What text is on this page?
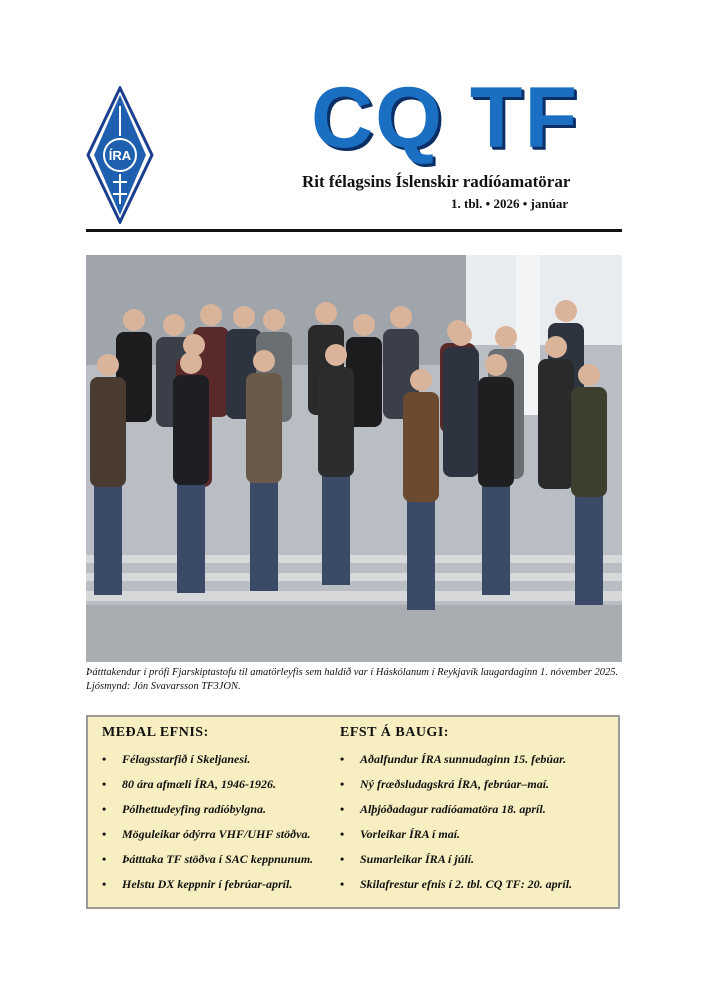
ÍRA CQ TF
Rit félagsins Íslenskir radíóamatörar
1. tbl. • 2026 • janúar
Þátttakendur í prófi Fjarskiptastofu til amatörleyfis sem haldið var í Háskólanum í Reykjavík laugardaginn 1. nóvember 2025.
Ljósmynd: Jón Svavarsson TF3JON.
MEÐAL EFNIS:
• Félagsstarfið í Skeljanesi.
• 80 ára afmæli ÍRA, 1946-1926.
• Pólhettudeyfing radíóbylgna.
• Möguleikar ódýrra VHF/UHF stöðva.
• Þátttaka TF stöðva í SAC keppnunum.
• Helstu DX keppnir í febrúar-apríl.
EFST Á BAUGI:
• Aðalfundur ÍRA sunnudaginn 15. febúar.
• Ný fræðsludagskrá ÍRA, febrúar–maí.
• Alþjóðadagur radíóamatöra 18. apríl.
• Vorleikar ÍRA í maí.
• Sumarleikar ÍRA í júlí.
• Skilafrestur efnis í 2. tbl. CQ TF: 20. apríl.
